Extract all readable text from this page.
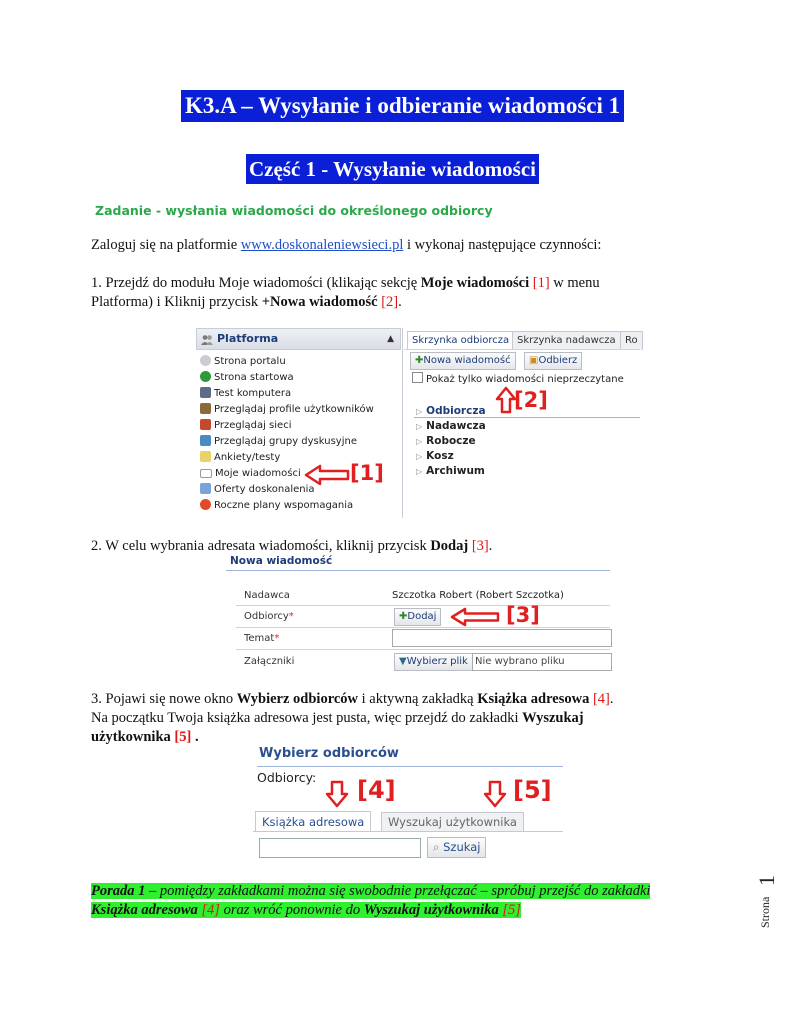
K3.A – Wysyłanie i odbieranie wiadomości 1
Część 1 - Wysyłanie wiadomości
Zadanie - wysłania wiadomości do określonego odbiorcy
Zaloguj się na platformie www.doskonaleniewsieci.pl i wykonaj następujące czynności:
1. Przejdź do modułu Moje wiadomości (klikając sekcję Moje wiadomości [1] w menu
Platforma) i Kliknij przycisk +Nowa wiadomość [2].
Platforma	▲
Strona portalu
Strona startowa
Test komputera
Przeglądaj profile użytkowników
Przeglądaj sieci
Przeglądaj grupy dyskusyjne
Ankiety/testy
Moje wiadomości
Oferty doskonalenia
Roczne plany wspomagania
[1]
Skrzynka odbiorcza Skrzynka nadawcza Ro
✚Nowa wiadomość	▣Odbierz
Pokaż tylko wiadomości nieprzeczytane
[2]
▷ Odbiorcza
▷ Nadawcza
▷ Robocze
▷ Kosz
▷ Archiwum
2. W celu wybrania adresata wiadomości, kliknij przycisk Dodaj [3].
Nowa wiadomość
Nadawca	Szczotka Robert (Robert Szczotka)
Odbiorcy*	✚Dodaj	[3]
Temat*
Załączniki	▼Wybierz plik Nie wybrano pliku
3. Pojawi się nowe okno Wybierz odbiorców i aktywną zakładką Książka adresowa [4].
Na początku Twoja książka adresowa jest pusta, więc przejdź do zakładki Wyszukaj
użytkownika [5] .
Wybierz odbiorców
Odbiorcy: [4]	[5]
Książka adresowa	Wyszukaj użytkownika
⌕ Szukaj
Porada 1 – pomiędzy zakładkami można się swobodnie przełączać – spróbuj przejść do zakładki
Książka adresowa [4] oraz wróć ponownie do Wyszukaj użytkownika [5]	Strona
1
